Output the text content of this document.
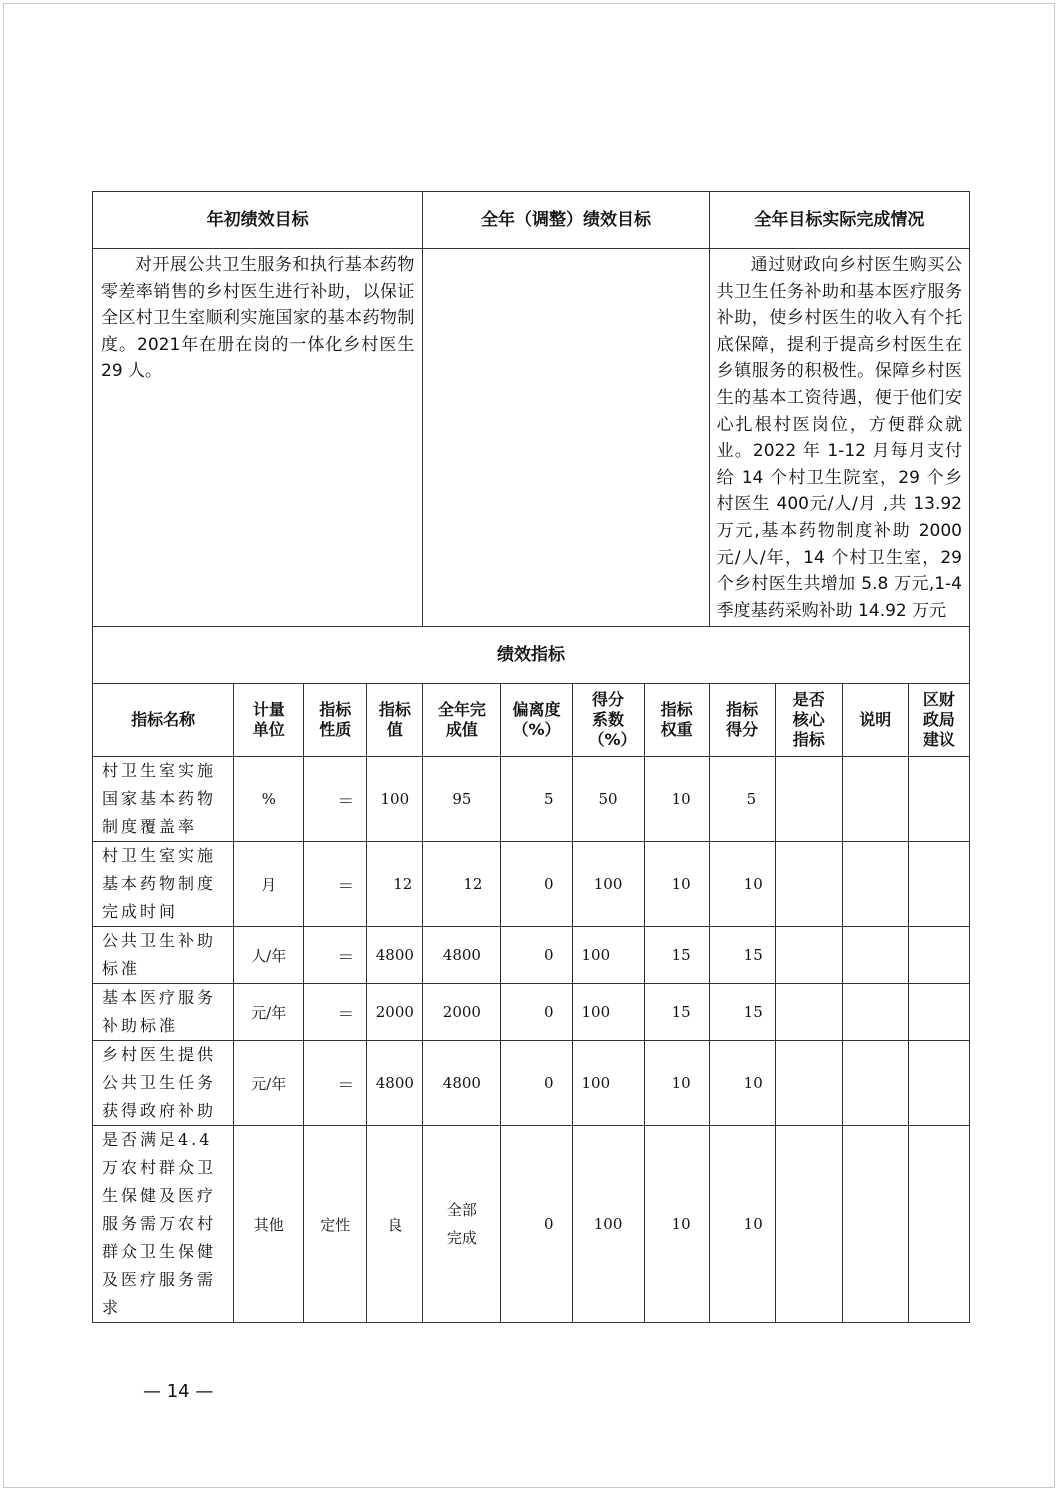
年初绩效目标				全年（调整）绩效目标				全年目标实际完成情况			
对开展公共卫生服务和执行基本药物零差率销售的乡村医生进行补助，以保证全区村卫生室顺利实施国家的基本药物制度。2021年在册在岗的一体化乡村医生 29 人。								通过财政向乡村医生购买公共卫生任务补助和基本医疗服务补助，使乡村医生的收入有个托底保障，提利于提高乡村医生在乡镇服务的积极性。保障乡村医生的基本工资待遇，便于他们安心扎根村医岗位，方便群众就业。2022 年 1-12 月每月支付给 14 个村卫生院室，29 个乡村医生 400元/人/月 ,共 13.92 万元,基本药物制度补助 2000 元/人/年，14 个村卫生室，29 个乡村医生共增加 5.8 万元,1-4 季度基药采购补助 14.92 万元			
绩效指标											
指标名称	计量单位	指标性质	指标值	全年完成值	偏离度（%）	得分系数（%）	指标权重	指标得分	是否核心指标	说明	区财政局建议
村卫生室实施国家基本药物制度覆盖率	%	＝	100	95	5	50	10	5			
村卫生室实施基本药物制度完成时间	月	＝	12	12	0	100	10	10			
公共卫生补助标准	人/年	＝	4800	4800	0	100	15	15			
基本医疗服务补助标准	元/年	＝	2000	2000	0	100	15	15			
乡村医生提供公共卫生任务获得政府补助	元/年	＝	4800	4800	0	100	10	10			
是否满足4.4万农村群众卫生保健及医疗服务需万农村群众卫生保健及医疗服务需求	其他	定性	良	全部完成	0	100	10	10			
— 14 —
